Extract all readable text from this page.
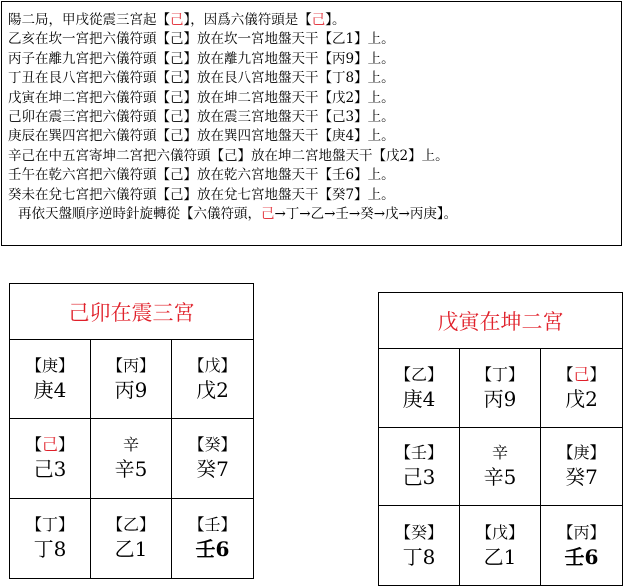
陽二局，甲戌從震三宮起【己】，因爲六儀符頭是【己】。
乙亥在坎一宮把六儀符頭【己】放在坎一宮地盤天干【乙1】上。
丙子在離九宮把六儀符頭【己】放在離九宮地盤天干【丙9】上。
丁丑在艮八宮把六儀符頭【己】放在艮八宮地盤天干【丁8】上。
戊寅在坤二宮把六儀符頭【己】放在坤二宮地盤天干【戊2】上。
己卯在震三宮把六儀符頭【己】放在震三宮地盤天干【己3】上。
庚辰在巽四宮把六儀符頭【己】放在巽四宮地盤天干【庚4】上。
辛己在中五宮寄坤二宮把六儀符頭【己】放在坤二宮地盤天干【戊2】上。
壬午在乾六宮把六儀符頭【己】放在乾六宮地盤天干【壬6】上。
癸未在兌七宮把六儀符頭【己】放在兌七宮地盤天干【癸7】上。
再依天盤順序逆時針旋轉從【六儀符頭，己→丁→乙→壬→癸→戊→丙庚】。
己卯在震三宮
【庚】
庚4
【丙】
丙9
【戊】
戊2
【己】
己3
辛
辛5
【癸】
癸7
【丁】
丁8
【乙】
乙1
【壬】
壬6
戊寅在坤二宮
【乙】
庚4
【丁】
丙9
【己】
戊2
【壬】
己3
辛
辛5
【庚】
癸7
【癸】
丁8
【戊】
乙1
【丙】
壬6
